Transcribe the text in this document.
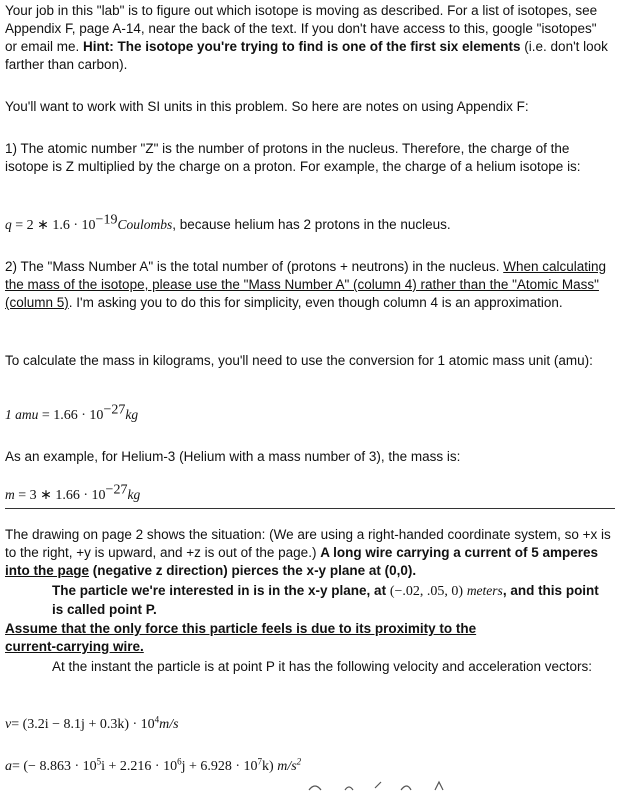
Your job in this "lab" is to figure out which isotope is moving as described. For a list of isotopes, see Appendix F, page A-14, near the back of the text. If you don't have access to this, google "isotopes" or email me. Hint: The isotope you're trying to find is one of the first six elements (i.e. don't look farther than carbon).

You'll want to work with SI units in this problem. So here are notes on using Appendix F:

1) The atomic number "Z" is the number of protons in the nucleus. Therefore, the charge of the isotope is Z multiplied by the charge on a proton. For example, the charge of a helium isotope is:

q = 2 ∗ $1.6 \cdot 10^{-19}Coulombs$, because helium has 2 protons in the nucleus.

2) The "Mass Number A" is the total number of (protons + neutrons) in the nucleus. When calculating the mass of the isotope, please use the "Mass Number A" (column 4) rather than the "Atomic Mass" (column 5). I'm asking you to do this for simplicity, even though column 4 is an approximation.

To calculate the mass in kilograms, you'll need to use the conversion for 1 atomic mass unit (amu):

1 amu = $1.66 \cdot 10^{-27}kg$

As an example, for Helium-3 (Helium with a mass number of 3), the mass is:

m = 3 ∗ $1.66 \cdot 10^{-27}kg$

The drawing on page 2 shows the situation: (We are using a right-handed coordinate system, so +x is to the right, +y is upward, and +z is out of the page.) A long wire carrying a current of 5 amperes into the page (negative z direction) pierces the x-y plane at (0,0).

The particle we're interested in is in the x-y plane, at (−.02, .05, 0) meters, and this point is called point P.

Assume that the only force this particle feels is due to its proximity to the current-carrying wire.

At the instant the particle is at point P it has the following velocity and acceleration vectors:

$v= (3.2i - 8.1j + 0.3k) \cdot 10^4m/s$

a= (− $8.863 \cdot 10^5i + 2.216 \cdot 10^6j + 6.928 \cdot 10^7k$) $m/s^2$
